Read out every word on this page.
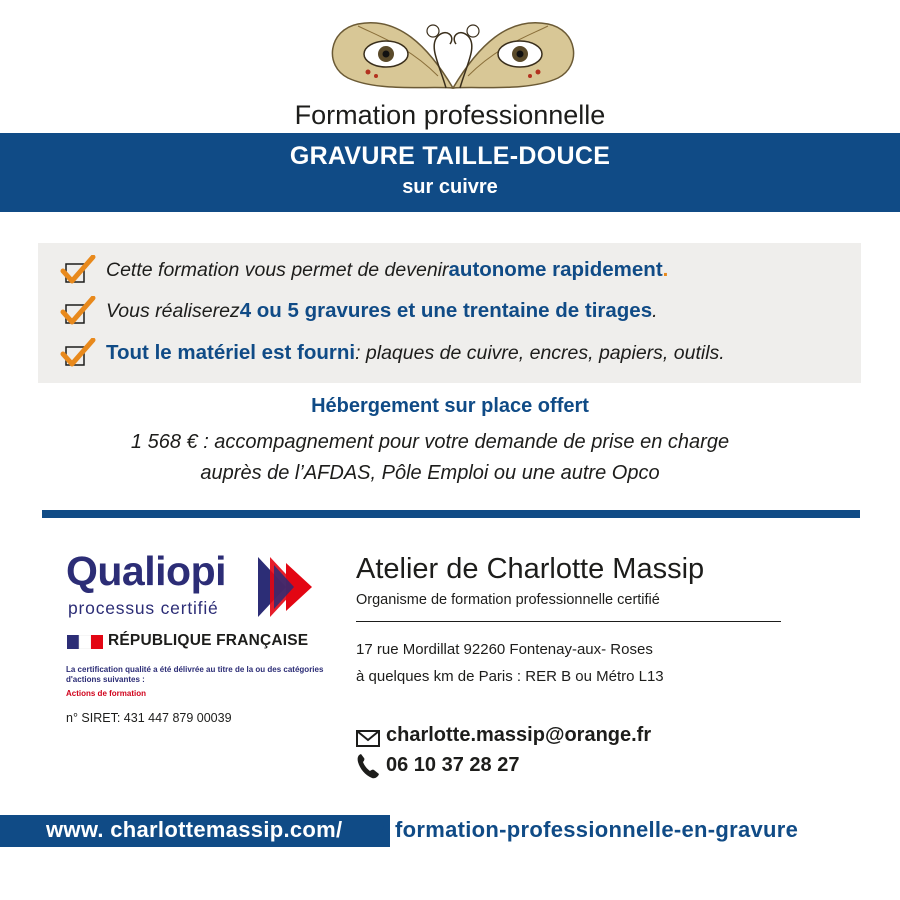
Formation professionnelle
GRAVURE TAILLE-DOUCE
sur cuivre
Cette formation vous permet de devenir autonome rapidement .
Vous réaliserez 4 ou 5 gravures et une trentaine de tirages .
Tout le matériel est fourni : plaques de cuivre, encres, papiers, outils.
Hébergement sur place offert
1 568 € : accompagnement pour votre demande de prise en charge
auprès de l’AFDAS, Pôle Emploi ou une autre Opco
Qualiopi
processus certifié
RÉPUBLIQUE FRANÇAISE
La certification qualité a été délivrée au titre de la ou des catégories d'actions suivantes :
Actions de formation
n° SIRET: 431 447 879 00039
Atelier de Charlotte Massip
Organisme de formation professionnelle certifié
17 rue Mordillat 92260 Fontenay-aux- Roses
à quelques km de Paris : RER B ou Métro L13
charlotte.massip@orange.fr
06 10 37 28 27
www. charlottemassip.com/ formation-professionnelle-en-gravure
